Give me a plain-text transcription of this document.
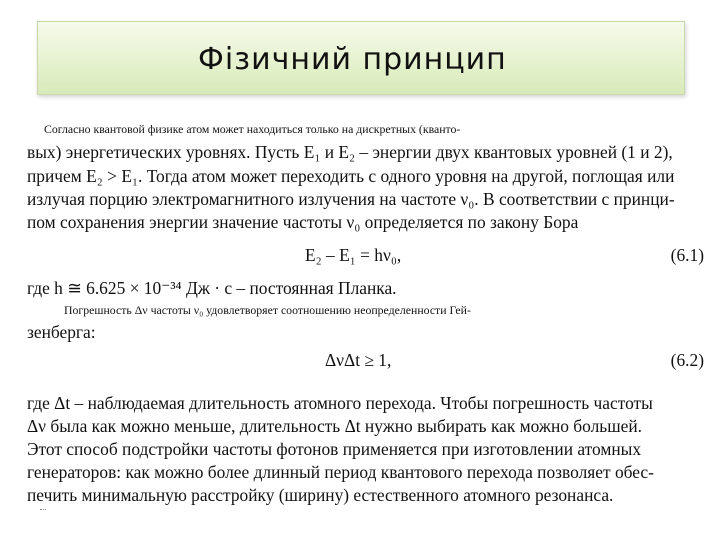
Фізичний принцип
Согласно квантовой физике атом может находиться только на дискретных (кванто-
вых) энергетических уровнях. Пусть E₁ и E₂ – энергии двух квантовых уровней (1 и 2),
причем E₂ > E₁. Тогда атом может переходить с одного уровня на другой, поглощая или
излучая порцию электромагнитного излучения на частоте ν₀. В соответствии с принци-
пом сохранения энергии значение частоты ν₀ определяется по закону Бора
E₂ – E₁ = hν₀,	(6.1)
где h ≅ 6.625 × 10⁻³⁴ Дж · с – постоянная Планка.
Погрешность Δν частоты ν₀ удовлетворяет соотношению неопределенности Гей-
зенберга:
ΔνΔt ≥ 1,	(6.2)
где Δt – наблюдаемая длительность атомного перехода. Чтобы погрешность частоты
Δν была как можно меньше, длительность Δt нужно выбирать как можно большей.
Этот способ подстройки частоты фотонов применяется при изготовлении атомных
генераторов: как можно более длинный период квантового перехода позволяет обес-
печить минимальную расстройку (ширину) естественного атомного резонанса.
